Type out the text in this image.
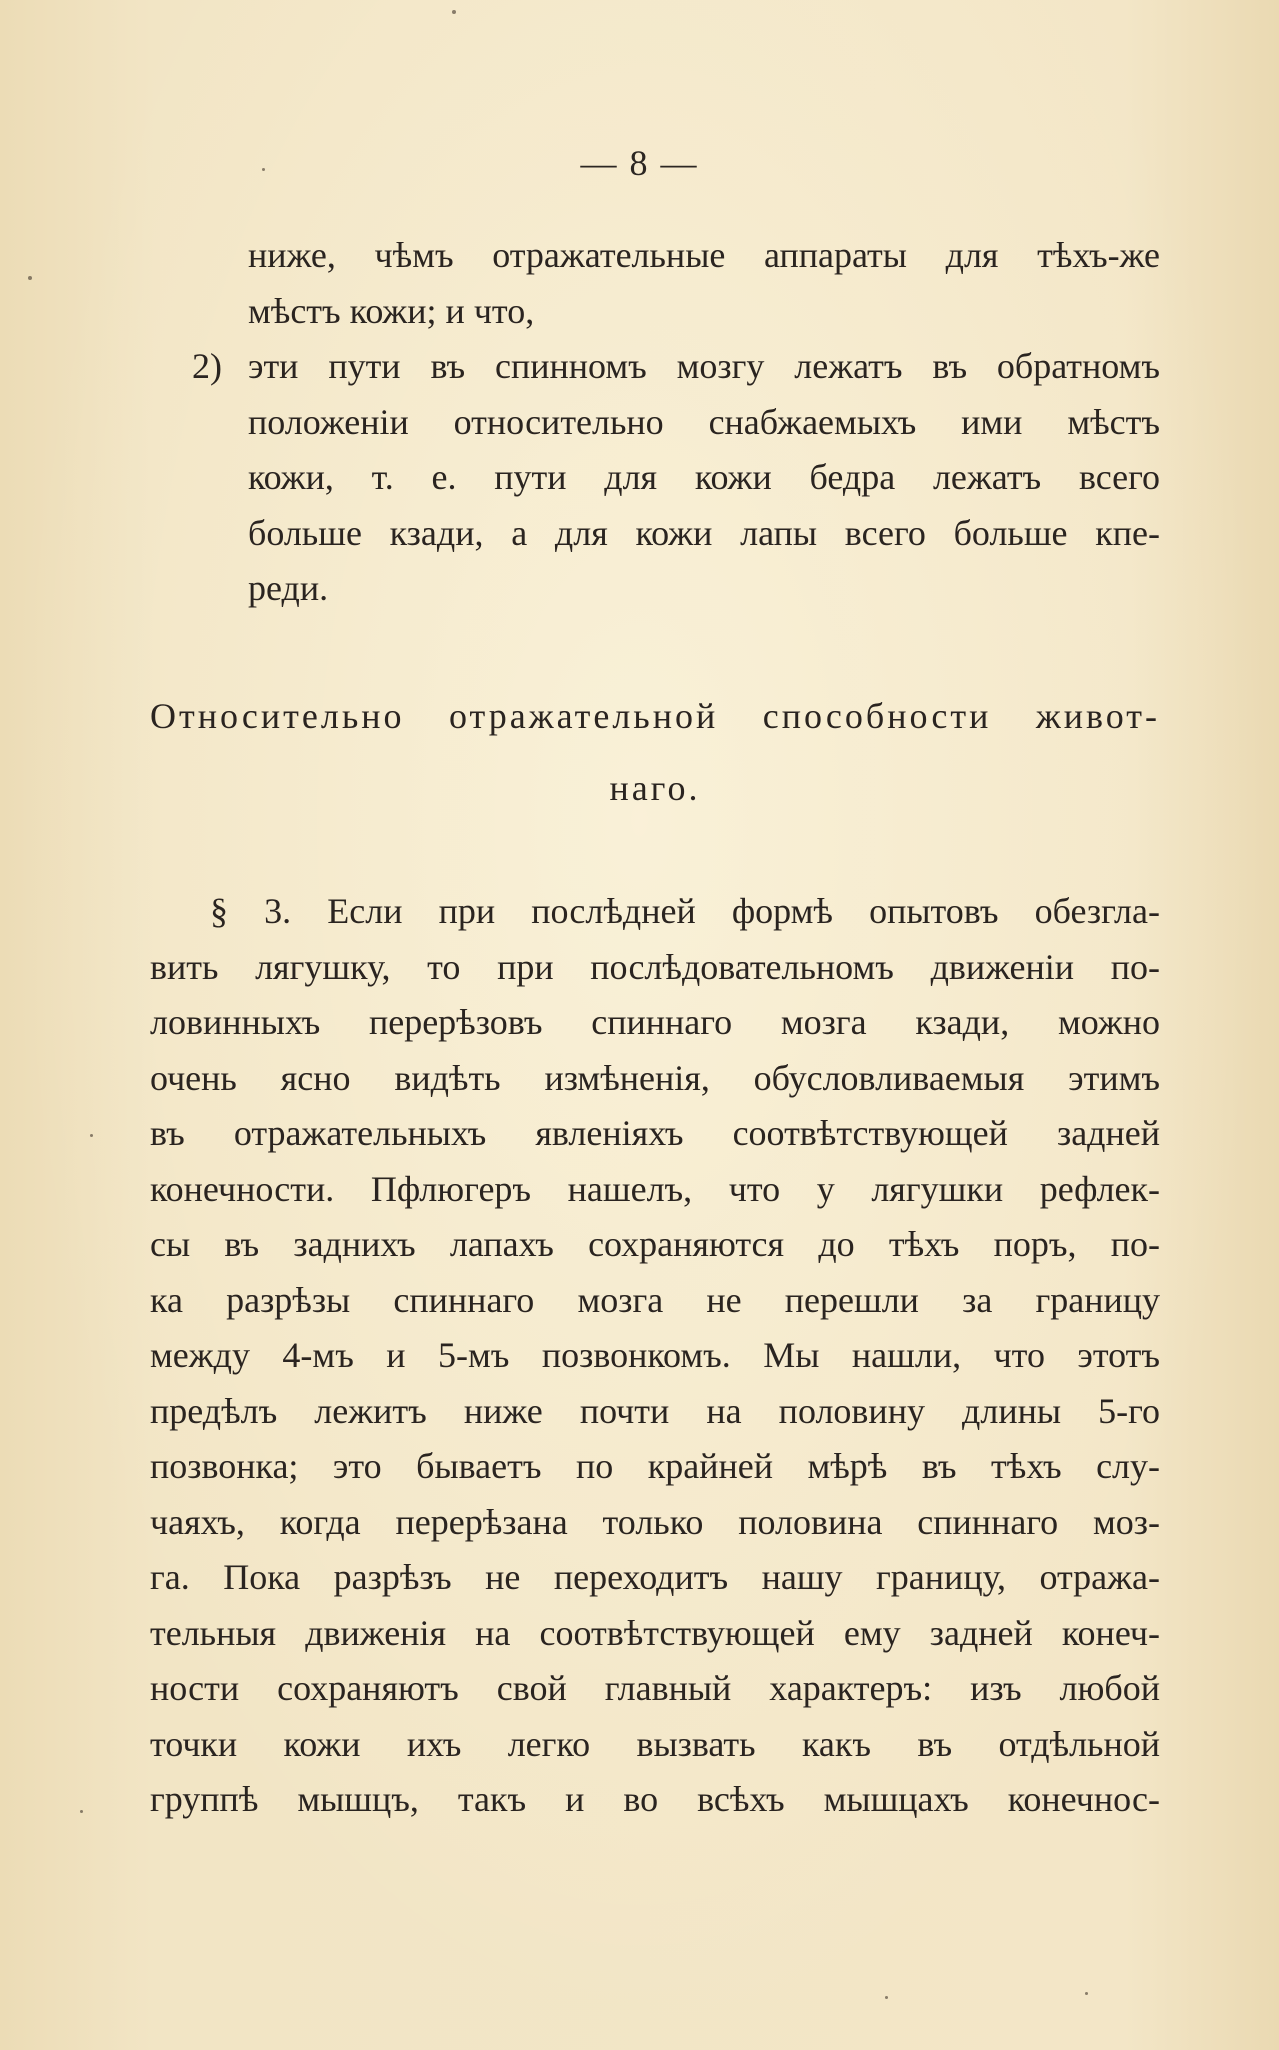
— 8 —
ниже, чѣмъ отражательные аппараты для тѣхъ-же
мѣстъ кожи; и что,
2) эти пути въ спинномъ мозгу лежатъ въ обратномъ
положенiи относительно снабжаемыхъ ими мѣстъ
кожи, т. е. пути для кожи бедра лежатъ всего
больше кзади, а для кожи лапы всего больше кпе-
реди.
Относительно отражательной способности живот-
наго.
§ 3. Если при послѣдней формѣ опытовъ обезгла-
вить лягушку, то при послѣдовательномъ движенiи по-
ловинныхъ перерѣзовъ спиннаго мозга кзади, можно
очень ясно видѣть измѣненiя, обусловливаемыя этимъ
въ отражательныхъ явленiяхъ соотвѣтствующей задней
конечности. Пфлюгеръ нашелъ, что у лягушки рефлек-
сы въ заднихъ лапахъ сохраняются до тѣхъ поръ, по-
ка разрѣзы спиннаго мозга не перешли за границу
между 4-мъ и 5-мъ позвонкомъ. Мы нашли, что этотъ
предѣлъ лежитъ ниже почти на половину длины 5-го
позвонка; это бываетъ по крайней мѣрѣ въ тѣхъ слу-
чаяхъ, когда перерѣзана только половина спиннаго моз-
га. Пока разрѣзъ не переходитъ нашу границу, отража-
тельныя движенiя на соотвѣтствующей ему задней конеч-
ности сохраняютъ свой главный характеръ: изъ любой
точки кожи ихъ легко вызвать какъ въ отдѣльной
группѣ мышцъ, такъ и во всѣхъ мышцахъ конечнос-
